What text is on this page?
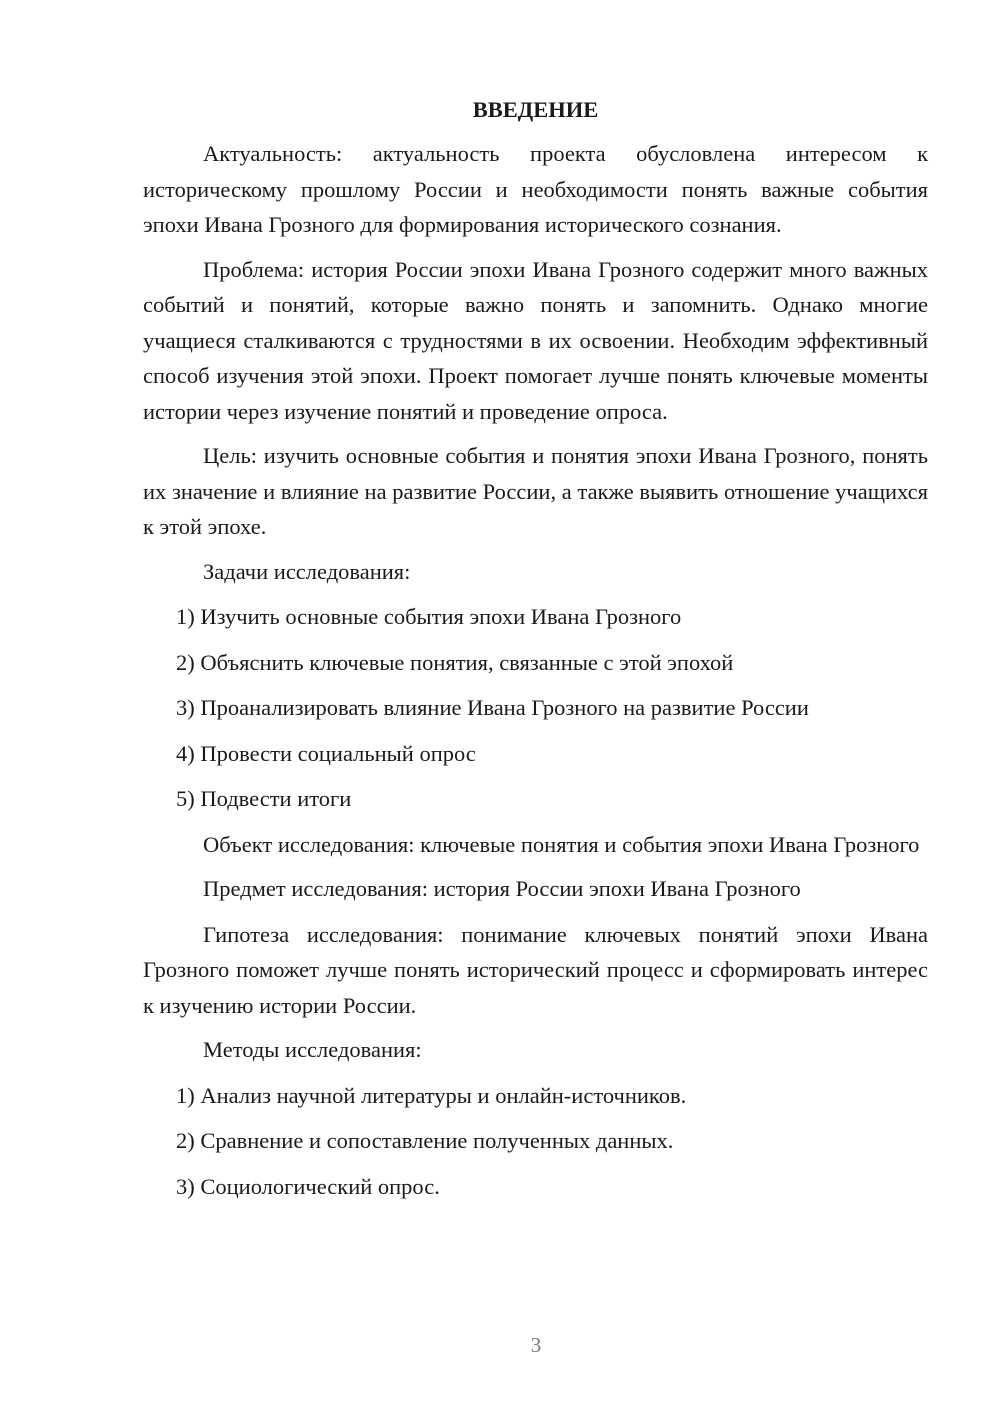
ВВЕДЕНИЕ

Актуальность: актуальность проекта обусловлена интересом к историческому прошлому России и необходимости понять важные события эпохи Ивана Грозного для формирования исторического сознания.

Проблема: история России эпохи Ивана Грозного содержит много важных событий и понятий, которые важно понять и запомнить. Однако многие учащиеся сталкиваются с трудностями в их освоении. Необходим эффективный способ изучения этой эпохи. Проект помогает лучше понять ключевые моменты истории через изучение понятий и проведение опроса.

Цель: изучить основные события и понятия эпохи Ивана Грозного, понять их значение и влияние на развитие России, а также выявить отношение учащихся к этой эпохе.

Задачи исследования:

1) Изучить основные события эпохи Ивана Грозного
2) Объяснить ключевые понятия, связанные с этой эпохой
3) Проанализировать влияние Ивана Грозного на развитие России
4) Провести социальный опрос
5) Подвести итоги

Объект исследования: ключевые понятия и события эпохи Ивана Грозного

Предмет исследования: история России эпохи Ивана Грозного

Гипотеза исследования: понимание ключевых понятий эпохи Ивана Грозного поможет лучше понять исторический процесс и сформировать интерес к изучению истории России.

Методы исследования:

1) Анализ научной литературы и онлайн-источников.
2) Сравнение и сопоставление полученных данных.
3) Социологический опрос.
3
